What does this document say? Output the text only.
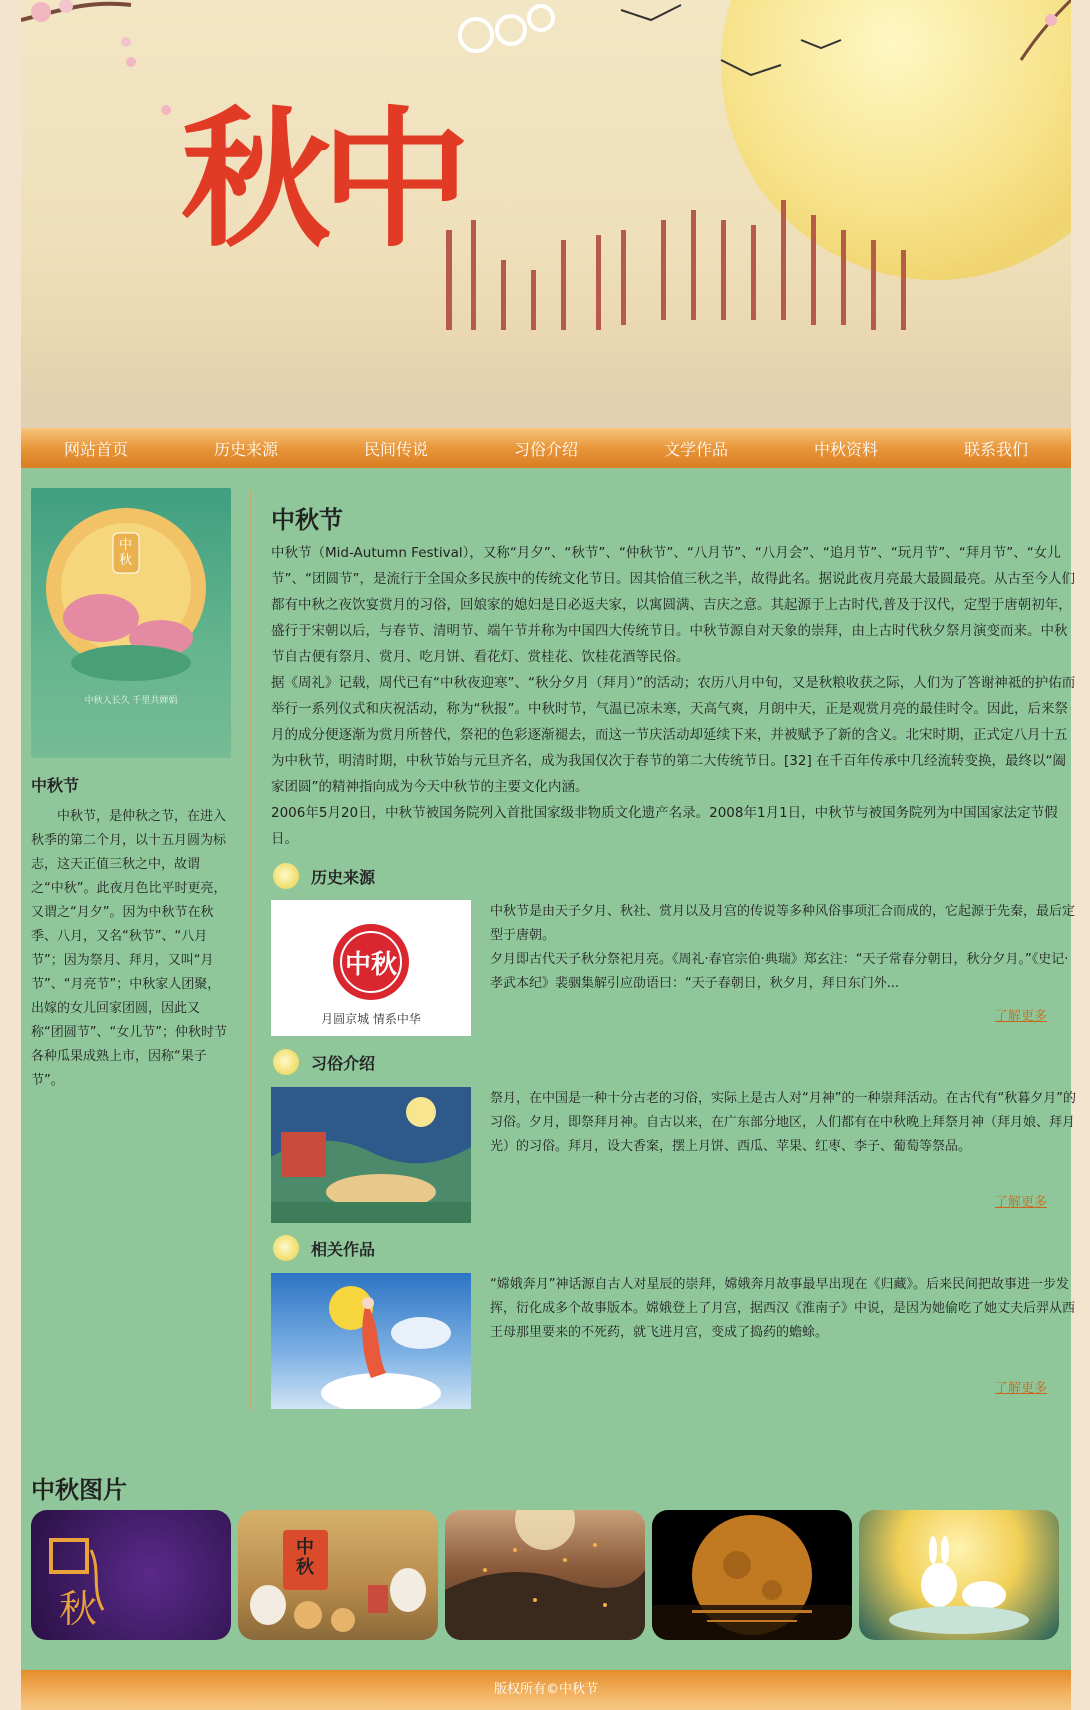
秋中
网站首页	历史来源	民间传说	习俗介绍	文学作品	中秋资料	联系我们
中秋
中秋人长久 千里共婵娟
中秋节
中秋节，是仲秋之节，在进入秋季的第二个月，以十五月圆为标志，这天正值三秋之中，故谓之“中秋”。此夜月色比平时更亮，又谓之“月夕”。因为中秋节在秋季、八月，又名“秋节”、“八月节”；因为祭月、拜月，又叫“月节”、“月亮节”；中秋家人团聚，出嫁的女儿回家团圆，因此又称“团圆节”、“女儿节”；仲秋时节各种瓜果成熟上市，因称“果子节”。
中秋节

中秋节（Mid-Autumn Festival），又称“月夕”、“秋节”、“仲秋节”、“八月节”、“八月会”、“追月节”、“玩月节”、“拜月节”、“女儿节”、“团圆节”，是流行于全国众多民族中的传统文化节日。因其恰值三秋之半，故得此名。据说此夜月亮最大最圆最亮。从古至今人们都有中秋之夜饮宴赏月的习俗，回娘家的媳妇是日必返夫家，以寓圆满、吉庆之意。其起源于上古时代,普及于汉代，定型于唐朝初年，盛行于宋朝以后，与春节、清明节、端午节并称为中国四大传统节日。中秋节源自对天象的崇拜，由上古时代秋夕祭月演变而来。中秋节自古便有祭月、赏月、吃月饼、看花灯、赏桂花、饮桂花酒等民俗。

据《周礼》记载，周代已有“中秋夜迎寒”、“秋分夕月（拜月）”的活动；农历八月中旬，又是秋粮收获之际，人们为了答谢神祗的护佑而举行一系列仪式和庆祝活动，称为“秋报”。中秋时节，气温已凉未寒，天高气爽，月朗中天，正是观赏月亮的最佳时令。因此，后来祭月的成分便逐渐为赏月所替代，祭祀的色彩逐渐褪去，而这一节庆活动却延续下来，并被赋予了新的含义。北宋时期，正式定八月十五为中秋节，明清时期，中秋节始与元旦齐名，成为我国仅次于春节的第二大传统节日。[32] 在千百年传承中几经流转变换，最终以“阖家团圆”的精神指向成为今天中秋节的主要文化内涵。

2006年5月20日，中秋节被国务院列入首批国家级非物质文化遗产名录。2008年1月1日，中秋节与被国务院列为中国国家法定节假日。

历史来源
中秋
月圆京城 情系中华
中秋节是由天子夕月、秋社、赏月以及月宫的传说等多种风俗事项汇合而成的，它起源于先秦，最后定型于唐朝。
夕月即古代天子秋分祭祀月亮。《周礼·春官宗伯·典瑞》郑玄注：“天子常春分朝日，秋分夕月。”《史记·孝武本纪》裴骃集解引应劭语曰：“天子春朝日，秋夕月，拜日东门外...
了解更多
习俗介绍
祭月，在中国是一种十分古老的习俗，实际上是古人对“月神”的一种崇拜活动。在古代有“秋暮夕月”的习俗。夕月，即祭拜月神。自古以来，在广东部分地区，人们都有在中秋晚上拜祭月神（拜月娘、拜月光）的习俗。拜月，设大香案，摆上月饼、西瓜、苹果、红枣、李子、葡萄等祭品。
了解更多
相关作品
“嫦娥奔月”神话源自古人对星辰的崇拜，嫦娥奔月故事最早出现在《归藏》。后来民间把故事进一步发挥，衍化成多个故事版本。嫦娥登上了月宫，据西汉《淮南子》中说，是因为她偷吃了她丈夫后羿从西王母那里要来的不死药，就飞进月宫，变成了捣药的蟾蜍。
了解更多
中秋图片
秋
中秋
版权所有©中秋节
